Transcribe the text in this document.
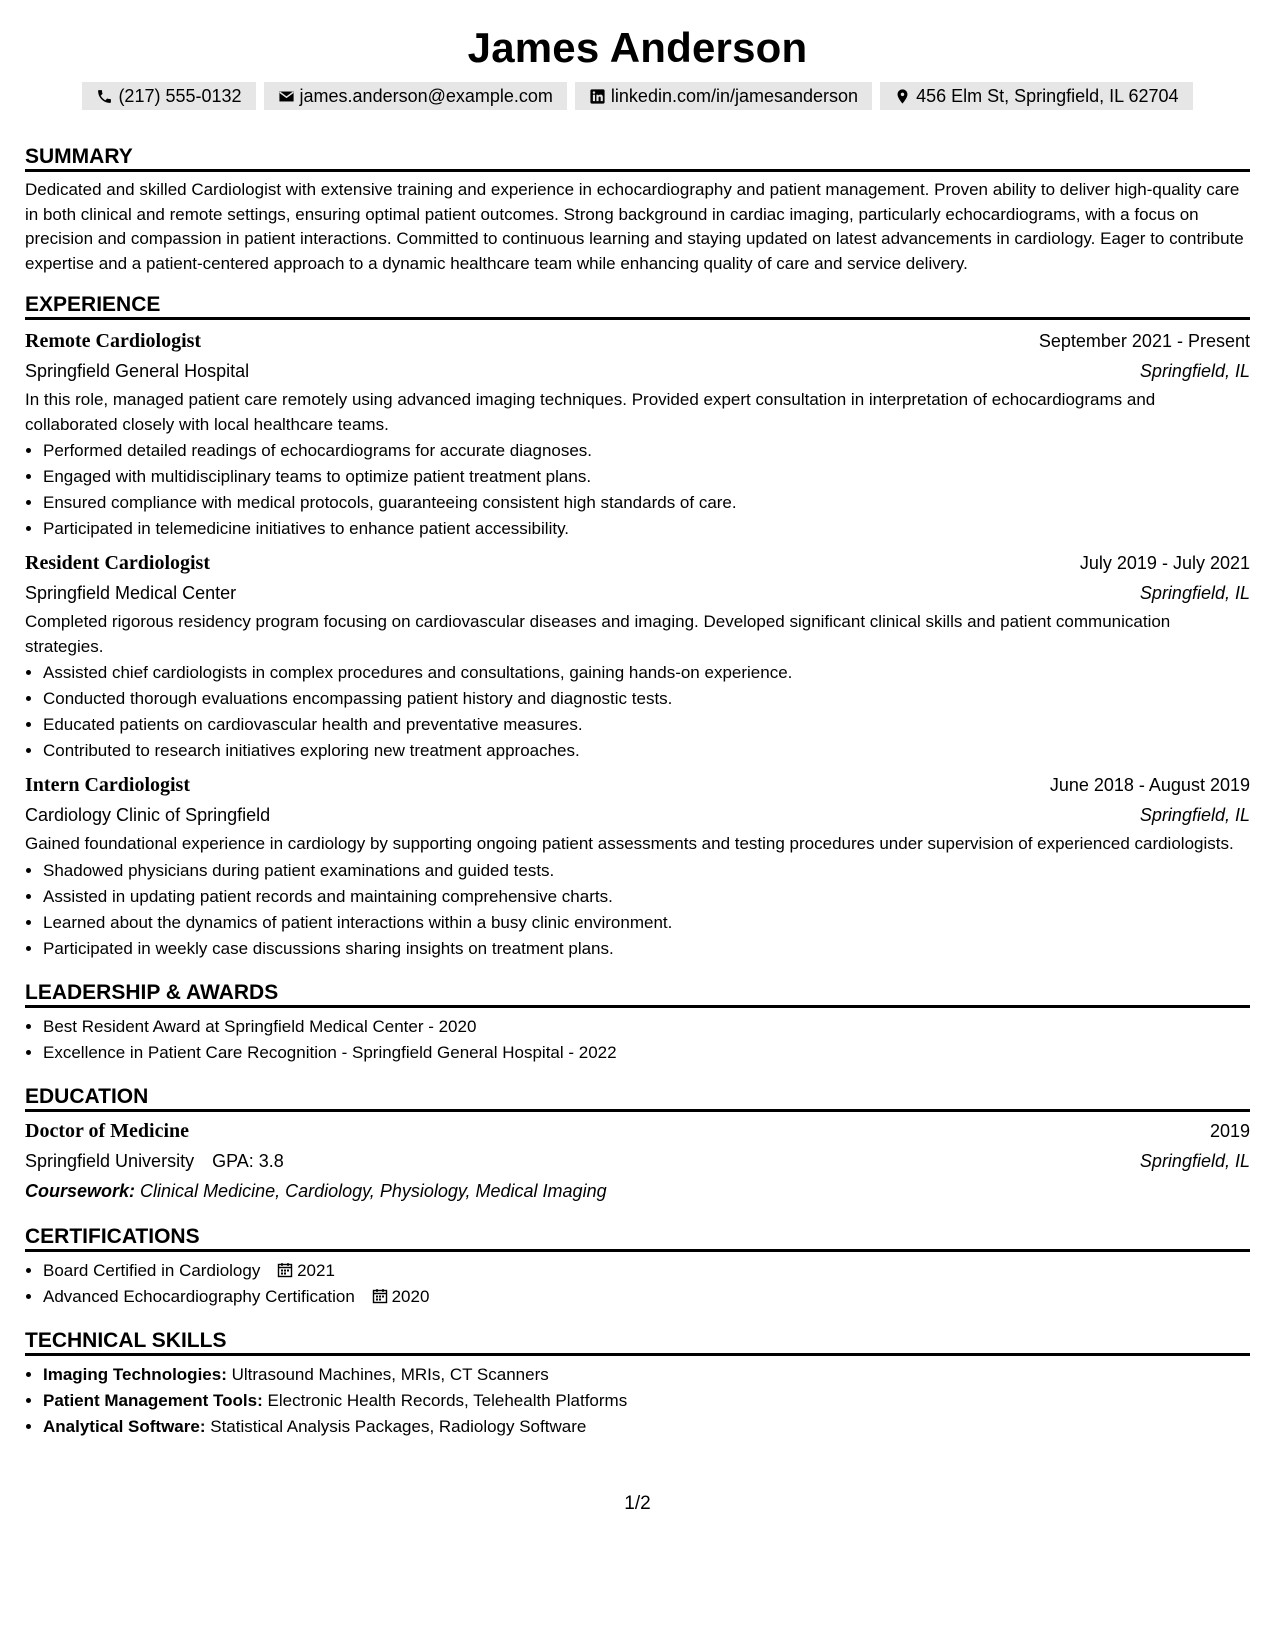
James Anderson
(217) 555-0132	james.anderson@example.com	linkedin.com/in/jamesanderson	456 Elm St, Springfield, IL 62704
SUMMARY
Dedicated and skilled Cardiologist with extensive training and experience in echocardiography and patient management. Proven ability to deliver high-quality care in both clinical and remote settings, ensuring optimal patient outcomes. Strong background in cardiac imaging, particularly echocardiograms, with a focus on precision and compassion in patient interactions. Committed to continuous learning and staying updated on latest advancements in cardiology. Eager to contribute expertise and a patient-centered approach to a dynamic healthcare team while enhancing quality of care and service delivery.
EXPERIENCE
Remote Cardiologist	September 2021 - Present
Springfield General Hospital	Springfield, IL
In this role, managed patient care remotely using advanced imaging techniques. Provided expert consultation in interpretation of echocardiograms and collaborated closely with local healthcare teams.
• Performed detailed readings of echocardiograms for accurate diagnoses.
• Engaged with multidisciplinary teams to optimize patient treatment plans.
• Ensured compliance with medical protocols, guaranteeing consistent high standards of care.
• Participated in telemedicine initiatives to enhance patient accessibility.
Resident Cardiologist	July 2019 - July 2021
Springfield Medical Center	Springfield, IL
Completed rigorous residency program focusing on cardiovascular diseases and imaging. Developed significant clinical skills and patient communication strategies.
• Assisted chief cardiologists in complex procedures and consultations, gaining hands-on experience.
• Conducted thorough evaluations encompassing patient history and diagnostic tests.
• Educated patients on cardiovascular health and preventative measures.
• Contributed to research initiatives exploring new treatment approaches.
Intern Cardiologist	June 2018 - August 2019
Cardiology Clinic of Springfield	Springfield, IL
Gained foundational experience in cardiology by supporting ongoing patient assessments and testing procedures under supervision of experienced cardiologists.
• Shadowed physicians during patient examinations and guided tests.
• Assisted in updating patient records and maintaining comprehensive charts.
• Learned about the dynamics of patient interactions within a busy clinic environment.
• Participated in weekly case discussions sharing insights on treatment plans.
LEADERSHIP & AWARDS
• Best Resident Award at Springfield Medical Center - 2020
• Excellence in Patient Care Recognition - Springfield General Hospital - 2022
EDUCATION
Doctor of Medicine	2019
Springfield University GPA: 3.8	Springfield, IL
Coursework: Clinical Medicine, Cardiology, Physiology, Medical Imaging
CERTIFICATIONS
• Board Certified in Cardiology 2021
• Advanced Echocardiography Certification 2020
TECHNICAL SKILLS
• Imaging Technologies: Ultrasound Machines, MRIs, CT Scanners
• Patient Management Tools: Electronic Health Records, Telehealth Platforms
• Analytical Software: Statistical Analysis Packages, Radiology Software
1/2
